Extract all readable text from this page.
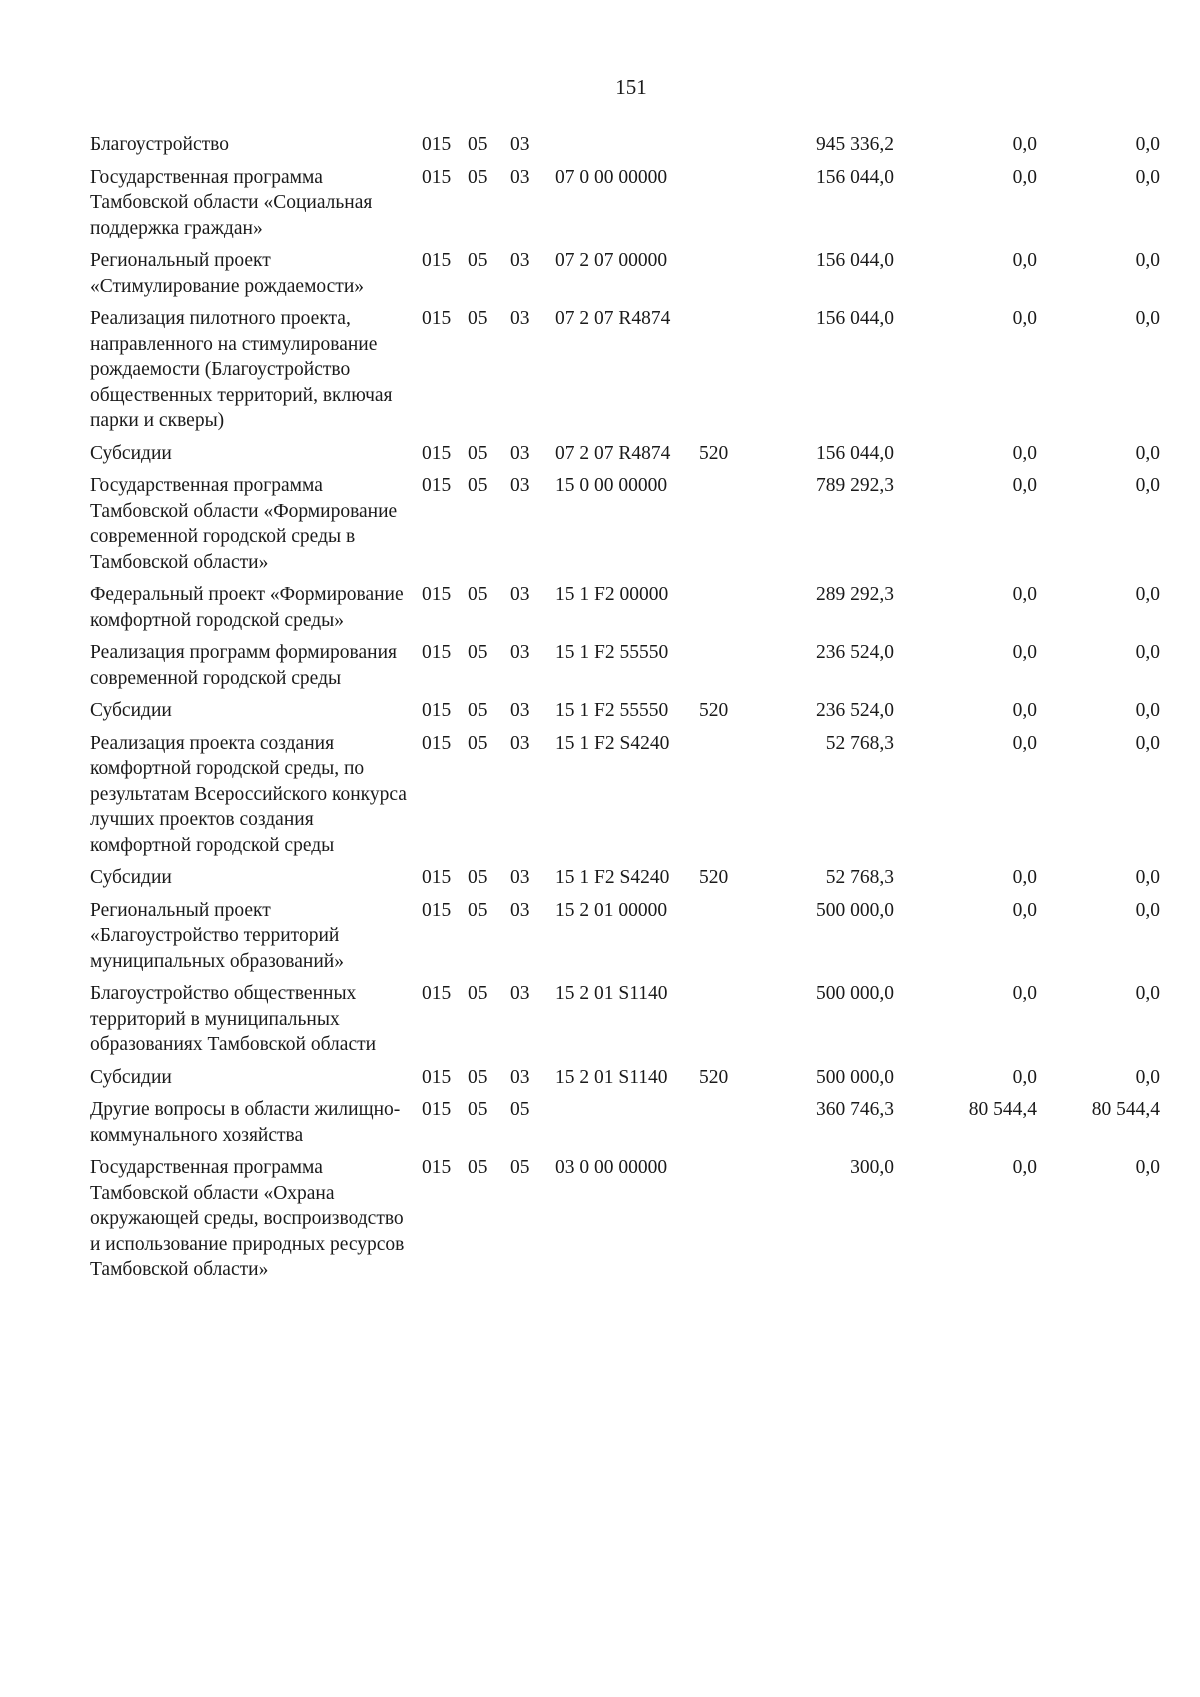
151
Благоустройство	015	05	03			945 336,2	0,0	0,0
Государственная программа Тамбовской области «Социальная поддержка граждан»	015	05	03	07 0 00 00000		156 044,0	0,0	0,0
Региональный проект «Стимулирование рождаемости»	015	05	03	07 2 07 00000		156 044,0	0,0	0,0
Реализация пилотного проекта, направленного на стимулирование рождаемости (Благоустройство общественных территорий, включая парки и скверы)	015	05	03	07 2 07 R4874		156 044,0	0,0	0,0
Субсидии	015	05	03	07 2 07 R4874	520	156 044,0	0,0	0,0
Государственная программа Тамбовской области «Формирование современной городской среды в Тамбовской области»	015	05	03	15 0 00 00000		789 292,3	0,0	0,0
Федеральный проект «Формирование комфортной городской среды»	015	05	03	15 1 F2 00000		289 292,3	0,0	0,0
Реализация программ формирования современной городской среды	015	05	03	15 1 F2 55550		236 524,0	0,0	0,0
Субсидии	015	05	03	15 1 F2 55550	520	236 524,0	0,0	0,0
Реализация проекта создания комфортной городской среды, по результатам Всероссийского конкурса лучших проектов создания комфортной городской среды	015	05	03	15 1 F2 S4240		52 768,3	0,0	0,0
Субсидии	015	05	03	15 1 F2 S4240	520	52 768,3	0,0	0,0
Региональный проект «Благоустройство территорий муниципальных образований»	015	05	03	15 2 01 00000		500 000,0	0,0	0,0
Благоустройство общественных территорий в муниципальных образованиях Тамбовской области	015	05	03	15 2 01 S1140		500 000,0	0,0	0,0
Субсидии	015	05	03	15 2 01 S1140	520	500 000,0	0,0	0,0
Другие вопросы в области жилищно-коммунального хозяйства	015	05	05			360 746,3	80 544,4	80 544,4
Государственная программа Тамбовской области «Охрана окружающей среды, воспроизводство и использование природных ресурсов Тамбовской области»	015	05	05	03 0 00 00000		300,0	0,0	0,0
